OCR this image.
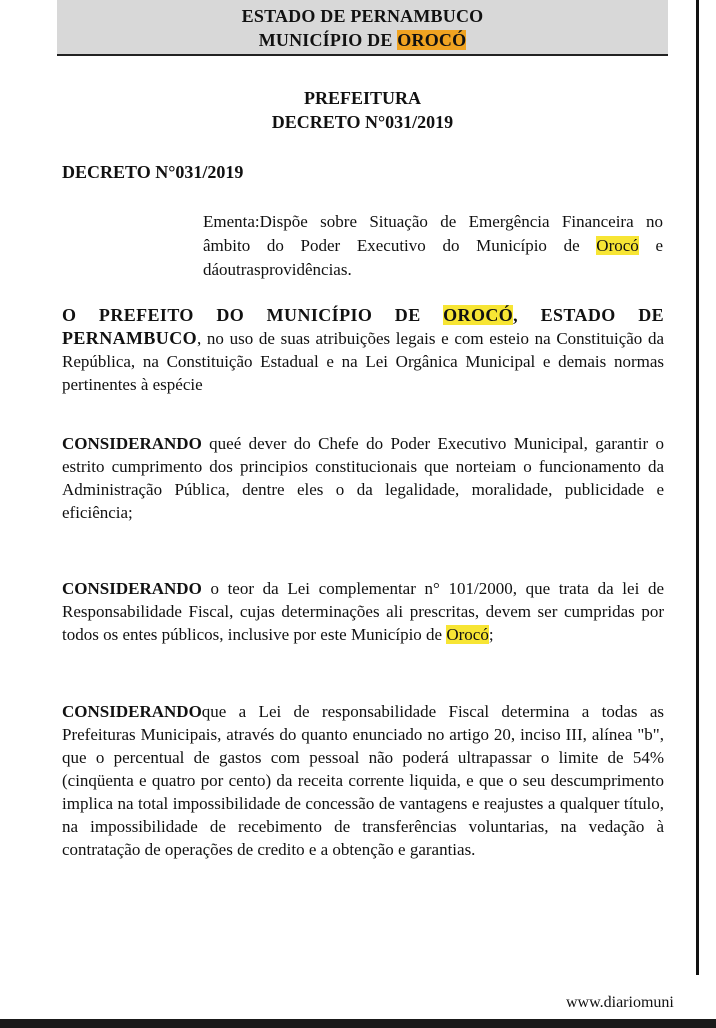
ESTADO DE PERNAMBUCO
MUNICÍPIO DE OROCÓ
PREFEITURA
DECRETO N°031/2019
DECRETO N°031/2019
Ementa:Dispõe sobre Situação de Emergência Financeira no âmbito do Poder Executivo do Município de Orocó e dáoutrasprovidências.
O PREFEITO DO MUNICÍPIO DE OROCÓ, ESTADO DE PERNAMBUCO, no uso de suas atribuições legais e com esteio na Constituição da República, na Constituição Estadual e na Lei Orgânica Municipal e demais normas pertinentes à espécie
CONSIDERANDO queé dever do Chefe do Poder Executivo Municipal, garantir o estrito cumprimento dos principios constitucionais que norteiam o funcionamento da Administração Pública, dentre eles o da legalidade, moralidade, publicidade e eficiência;
CONSIDERANDO o teor da Lei complementar n° 101/2000, que trata da lei de Responsabilidade Fiscal, cujas determinações ali prescritas, devem ser cumpridas por todos os entes públicos, inclusive por este Município de Orocó;
CONSIDERANDOque a Lei de responsabilidade Fiscal determina a todas as Prefeituras Municipais, através do quanto enunciado no artigo 20, inciso III, alínea "b", que o percentual de gastos com pessoal não poderá ultrapassar o limite de 54% (cinqüenta e quatro por cento) da receita corrente liquida, e que o seu descumprimento implica na total impossibilidade de concessão de vantagens e reajustes a qualquer título, na impossibilidade de recebimento de transferências voluntarias, na vedação à contratação de operações de credito e a obtenção e garantias.
www.diariomuni
